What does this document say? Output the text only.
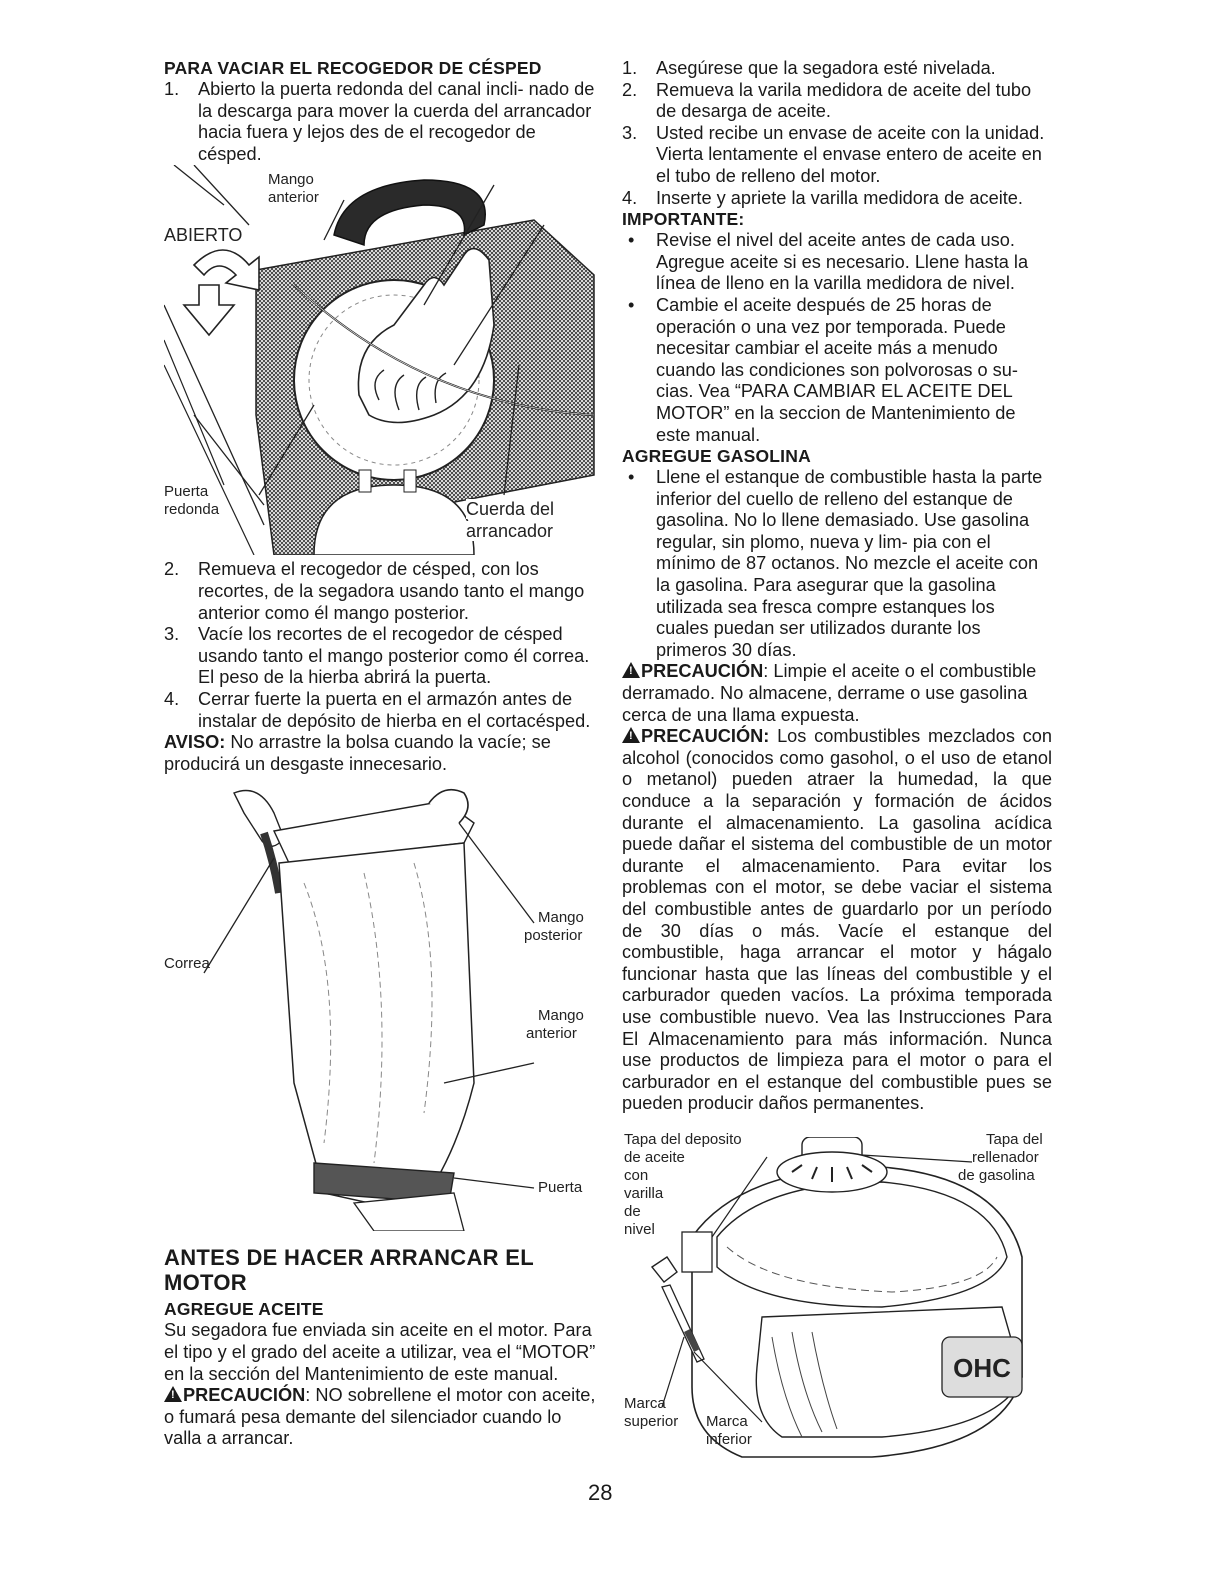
PARA VACIAR EL RECOGEDOR DE CÉSPED
1.	Abierto la puerta redonda del canal incli- nado de la descarga para mover la cuerda del arrancador hacia fuera y lejos des de el recogedor de césped.
Mango
anterior
ABIERTO
Puerta
redonda	Cuerda del
arrancador
2.	Remueva el recogedor de césped, con los recortes, de la segadora usando tanto el mango anterior como él mango posterior.
3.	Vacíe los recortes de el recogedor de césped usando tanto el mango posterior como él correa. El peso de la hierba abrirá la puerta.
4.	Cerrar fuerte la puerta en el armazón antes de instalar de depósito de hierba en el cortacésped.

AVISO: No arrastre la bolsa cuando la vacíe; se producirá un desgaste innecesario.

Correa
Mango
posterior
Mango
anterior
Puerta
ANTES DE HACER ARRANCAR EL
MOTOR
AGREGUE ACEITE

Su segadora fue enviada sin aceite en el motor. Para el tipo y el grado del aceite a utilizar, vea el “MOTOR” en la sección del Mantenimiento de este manual.

!PRECAUCIÓN: NO sobrellene el motor con aceite, o fumará pesa demante del silenciador cuando lo valla a arrancar.

1.	Asegúrese que la segadora esté nivelada.
2.	Remueva la varila medidora de aceite del tubo de desarga de aceite.
3.	Usted recibe un envase de aceite con la unidad. Vierta lentamente el envase entero de aceite en el tubo de relleno del motor.
4.	Inserte y apriete la varilla medidora de aceite.
IMPORTANTE:
• Revise el nivel del aceite antes de cada uso. Agregue aceite si es necesario. Llene hasta la línea de lleno en la varilla medidora de nivel.
• Cambie el aceite después de 25 horas de operación o una vez por temporada. Puede necesitar cambiar el aceite más a menudo cuando las condiciones son polvorosas o su- cias. Vea “PARA CAMBIAR EL ACEITE DEL MOTOR” en la seccion de Mantenimiento de este manual.
AGREGUE GASOLINA
• Llene el estanque de combustible hasta la parte inferior del cuello de relleno del estanque de gasolina. No lo llene demasiado. Use gasolina regular, sin plomo, nueva y lim- pia con el mínimo de 87 octanos. No mezcle el aceite con la gasolina. Para asegurar que la gasolina utilizada sea fresca compre estanques los cuales puedan ser utilizados durante los primeros 30 días.

!PRECAUCIÓN: Limpie el aceite o el combustible derramado. No almacene, derrame o use gasolina cerca de una llama expuesta.

!PRECAUCIÓN: Los combustibles mezclados con alcohol (conocidos como gasohol, o el uso de etanol o metanol) pueden atraer la humedad, la que conduce a la separación y formación de ácidos durante el almacenamiento. La gasolina acídica puede dañar el sistema del combustible de un motor durante el almacenamiento. Para evitar los problemas con el motor, se debe vaciar el sistema del combustible antes de guardarlo por un período de 30 días o más. Vacíe el estanque del combustible, haga arrancar el motor y hágalo funcionar hasta que las líneas del combustible y el carburador queden vacíos. La próxima temporada use combustible nuevo. Vea las Instrucciones Para El Almacenamiento para más información. Nunca use productos de limpieza para el motor o para el carburador en el estanque del combustible pues se pueden producir daños permanentes.

OHC
Tapa del deposito
de aceite
con
varilla
de
nivel
Tapa del
rellenador
de gasolina
Marca
superior Marca
inferior
28
